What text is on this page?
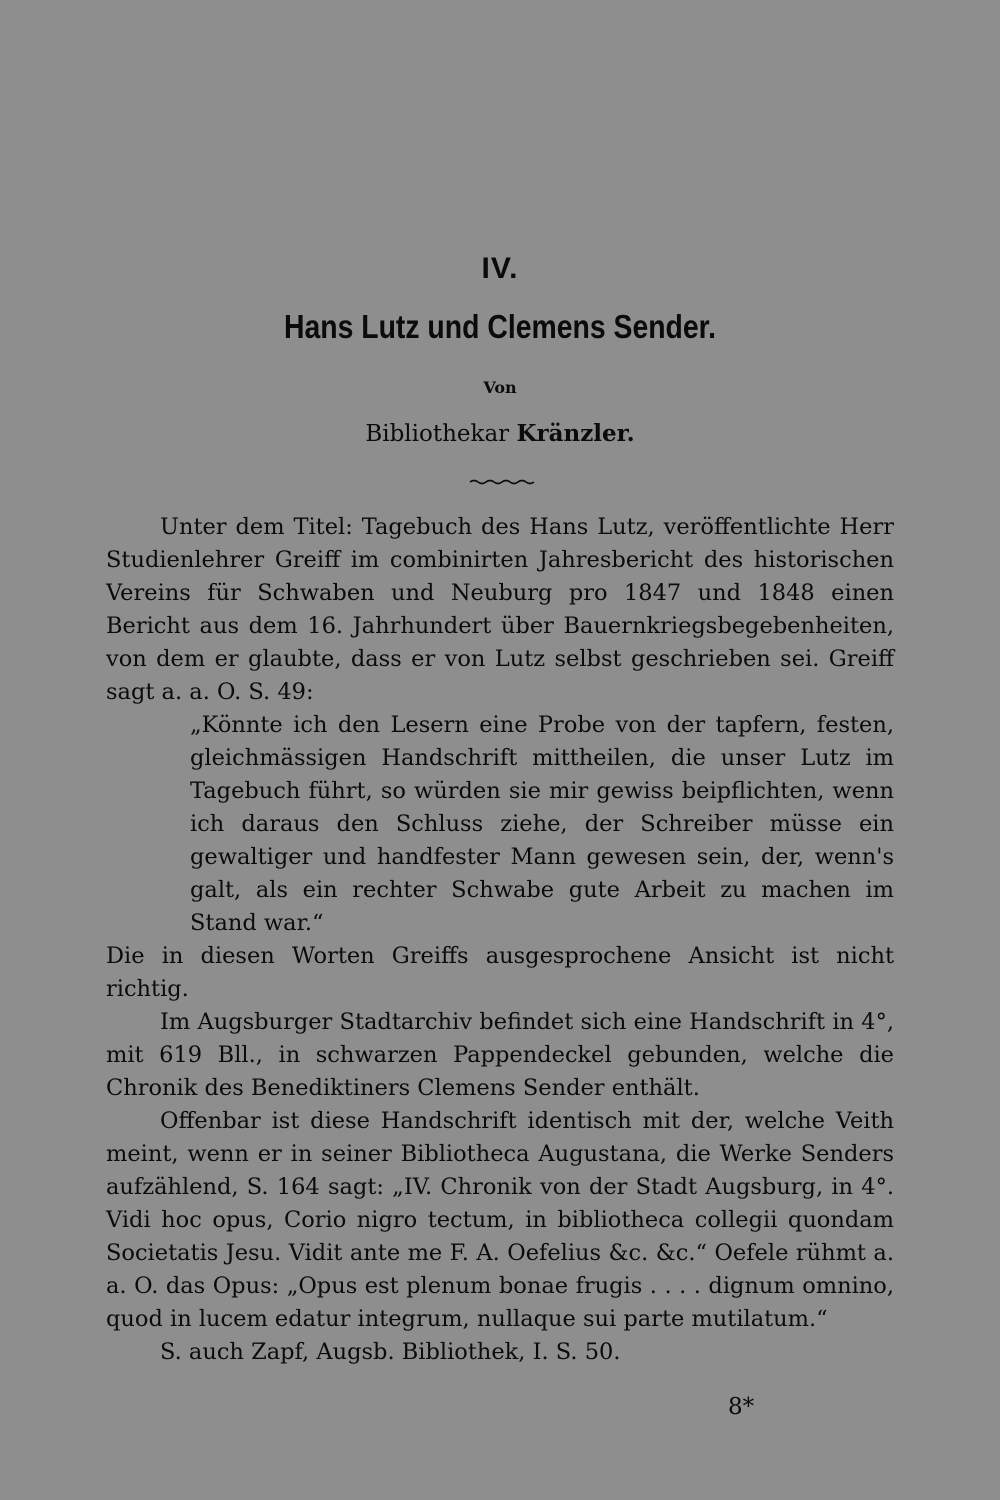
IV.
Hans Lutz und Clemens Sender.
Von
Bibliothekar Kränzler.

Unter dem Titel: Tagebuch des Hans Lutz, veröffentlichte Herr Studienlehrer Greiff im combinirten Jahresbericht des historischen Vereins für Schwaben und Neuburg pro 1847 und 1848 einen Bericht aus dem 16. Jahrhundert über Bauernkriegsbegebenheiten, von dem er glaubte, dass er von Lutz selbst geschrieben sei. Greiff sagt a. a. O. S. 49:

„Könnte ich den Lesern eine Probe von der tapfern, festen, gleichmässigen Handschrift mittheilen, die unser Lutz im Tagebuch führt, so würden sie mir gewiss beipflichten, wenn ich daraus den Schluss ziehe, der Schreiber müsse ein gewaltiger und handfester Mann gewesen sein, der, wenn's galt, als ein rechter Schwabe gute Arbeit zu machen im Stand war.“

Die in diesen Worten Greiffs ausgesprochene Ansicht ist nicht richtig.

Im Augsburger Stadtarchiv befindet sich eine Handschrift in 4°, mit 619 Bll., in schwarzen Pappendeckel gebunden, welche die Chronik des Benediktiners Clemens Sender enthält.

Offenbar ist diese Handschrift identisch mit der, welche Veith meint, wenn er in seiner Bibliotheca Augustana, die Werke Senders aufzählend, S. 164 sagt: „IV. Chronik von der Stadt Augsburg, in 4°. Vidi hoc opus, Corio nigro tectum, in bibliotheca collegii quondam Societatis Jesu. Vidit ante me F. A. Oefelius &c. &c.“ Oefele rühmt a. a. O. das Opus: „Opus est plenum bonae frugis . . . . dignum omnino, quod in lucem edatur integrum, nullaque sui parte mutilatum.“

S. auch Zapf, Augsb. Bibliothek, I. S. 50.

8*
